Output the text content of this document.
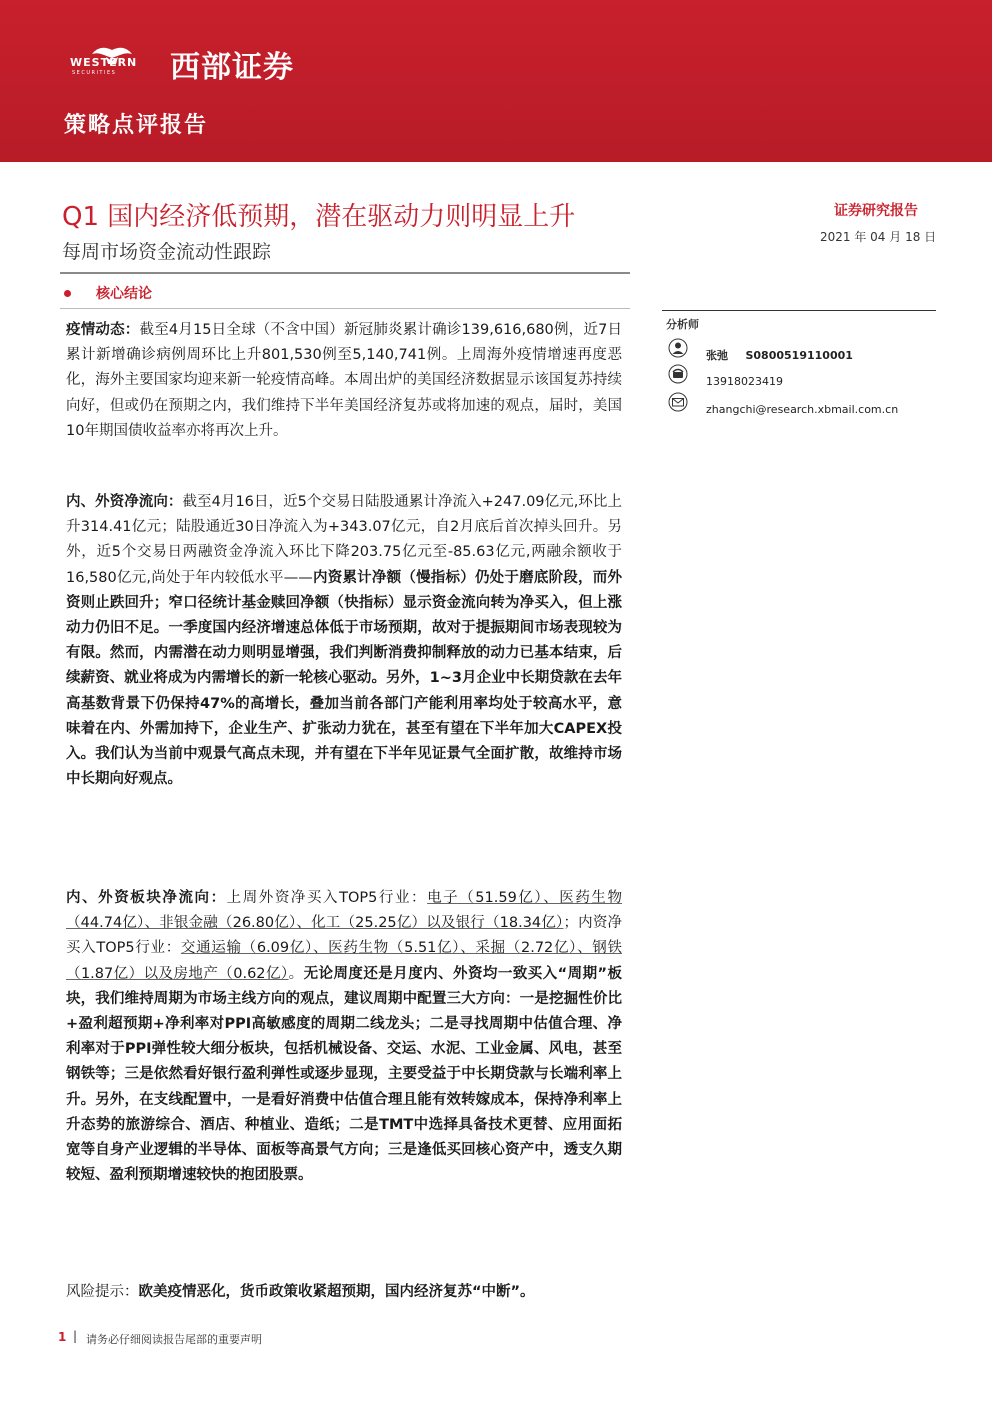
WESTERN
SECURITIES 西部证券
策略点评报告
Q1 国内经济低预期，潜在驱动力则明显上升
每周市场资金流动性跟踪
证券研究报告
2021 年 04 月 18 日
核心结论

疫情动态：截至4月15日全球（不含中国）新冠肺炎累计确诊139,616,680例，近7日累计新增确诊病例周环比上升801,530例至5,140,741例。上周海外疫情增速再度恶化，海外主要国家均迎来新一轮疫情高峰。本周出炉的美国经济数据显示该国复苏持续向好，但或仍在预期之内，我们维持下半年美国经济复苏或将加速的观点，届时，美国10年期国债收益率亦将再次上升。

内、外资净流向：截至4月16日，近5个交易日陆股通累计净流入+247.09亿元,环比上升314.41亿元；陆股通近30日净流入为+343.07亿元，自2月底后首次掉头回升。另外，近5个交易日两融资金净流入环比下降203.75亿元至-85.63亿元,两融余额收于16,580亿元,尚处于年内较低水平——内资累计净额（慢指标）仍处于磨底阶段，而外资则止跌回升；窄口径统计基金赎回净额（快指标）显示资金流向转为净买入，但上涨动力仍旧不足。一季度国内经济增速总体低于市场预期，故对于提振期间市场表现较为有限。然而，内需潜在动力则明显增强，我们判断消费抑制释放的动力已基本结束，后续薪资、就业将成为内需增长的新一轮核心驱动。另外，1~3月企业中长期贷款在去年高基数背景下仍保持47%的高增长，叠加当前各部门产能利用率均处于较高水平，意味着在内、外需加持下，企业生产、扩张动力犹在，甚至有望在下半年加大CAPEX投入。我们认为当前中观景气高点未现，并有望在下半年见证景气全面扩散，故维持市场中长期向好观点。

内、外资板块净流向：上周外资净买入TOP5行业：电子（51.59亿）、医药生物（44.74亿）、非银金融（26.80亿）、化工（25.25亿）以及银行（18.34亿）；内资净买入TOP5行业：交通运输（6.09亿）、医药生物（5.51亿）、采掘（2.72亿）、钢铁（1.87亿）以及房地产（0.62亿）。无论周度还是月度内、外资均一致买入“周期”板块，我们维持周期为市场主线方向的观点，建议周期中配置三大方向：一是挖掘性价比+盈利超预期+净利率对PPI高敏感度的周期二线龙头；二是寻找周期中估值合理、净利率对于PPI弹性较大细分板块，包括机械设备、交运、水泥、工业金属、风电，甚至钢铁等；三是依然看好银行盈利弹性或逐步显现，主要受益于中长期贷款与长端利率上升。另外，在支线配置中，一是看好消费中估值合理且能有效转嫁成本，保持净利率上升态势的旅游综合、酒店、种植业、造纸；二是TMT中选择具备技术更替、应用面拓宽等自身产业逻辑的半导体、面板等高景气方向；三是逢低买回核心资产中，透支久期较短、盈利预期增速较快的抱团股票。

风险提示：欧美疫情恶化，货币政策收紧超预期，国内经济复苏“中断”。

分析师
张弛 S0800519110001
13918023419
zhangchi@research.xbmail.com.cn
1 | 请务必仔细阅读报告尾部的重要声明
